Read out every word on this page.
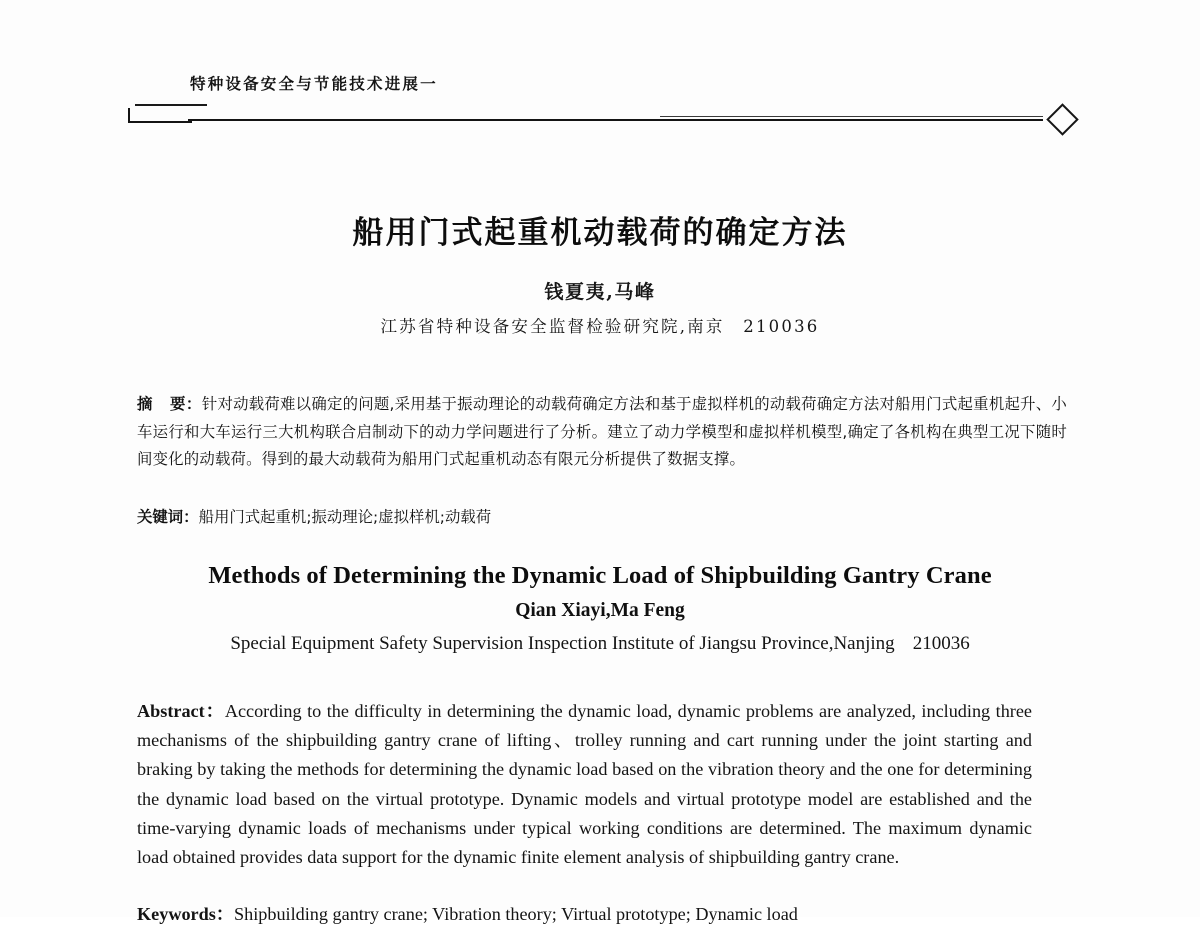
特种设备安全与节能技术进展一
船用门式起重机动载荷的确定方法
钱夏夷,马峰
江苏省特种设备安全监督检验研究院,南京　210036
摘 要：针对动载荷难以确定的问题,采用基于振动理论的动载荷确定方法和基于虚拟样机的动载荷确定方法对船用门式起重机起升、小车运行和大车运行三大机构联合启制动下的动力学问题进行了分析。建立了动力学模型和虚拟样机模型,确定了各机构在典型工况下随时间变化的动载荷。得到的最大动载荷为船用门式起重机动态有限元分析提供了数据支撑。
关键词：船用门式起重机;振动理论;虚拟样机;动载荷
Methods of Determining the Dynamic Load of Shipbuilding Gantry Crane
Qian Xiayi,Ma Feng
Special Equipment Safety Supervision Inspection Institute of Jiangsu Province,Nanjing 210036
Abstract：According to the difficulty in determining the dynamic load, dynamic problems are analyzed, including three mechanisms of the shipbuilding gantry crane of lifting、trolley running and cart running under the joint starting and braking by taking the methods for determining the dynamic load based on the vibration theory and the one for determining the dynamic load based on the virtual prototype. Dynamic models and virtual prototype model are established and the time-varying dynamic loads of mechanisms under typical working conditions are determined. The maximum dynamic load obtained provides data support for the dynamic finite element analysis of shipbuilding gantry crane.
Keywords：Shipbuilding gantry crane; Vibration theory; Virtual prototype; Dynamic load
